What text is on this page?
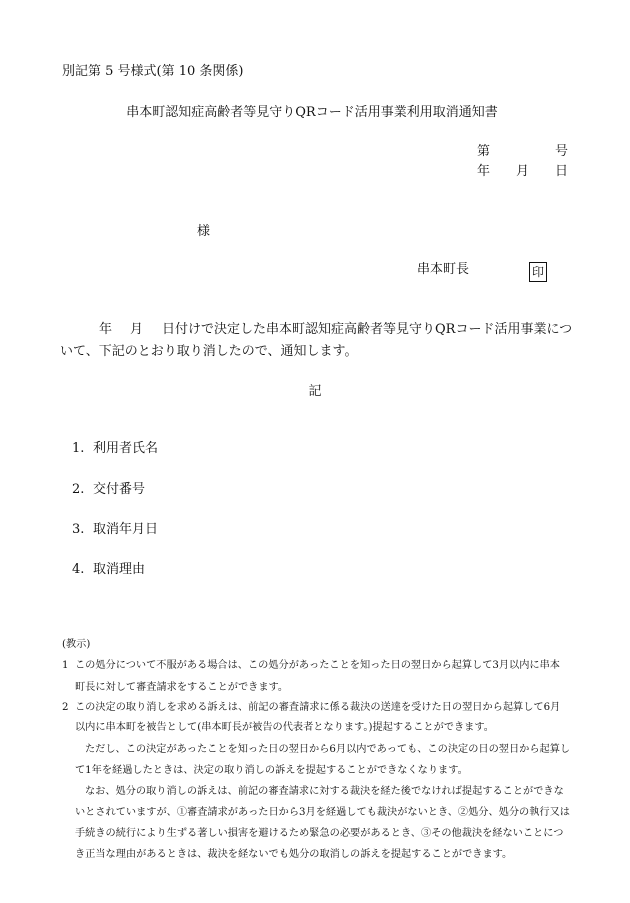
別記第 5 号様式(第 10 条関係)
串本町認知症高齢者等見守りQRコード活用事業利用取消通知書
第	号
年 月 日
様
串本町長	印
年 月 日付けで決定した串本町認知症高齢者等見守りQRコード活用事業につ
いて、下記のとおり取り消したので、通知します。
記
1. 利用者氏名
2. 交付番号
3. 取消年月日
4. 取消理由
(教示)
1 この処分について不服がある場合は、この処分があったことを知った日の翌日から起算して3月以内に串本
町長に対して審査請求をすることができます。
2 この決定の取り消しを求める訴えは、前記の審査請求に係る裁決の送達を受けた日の翌日から起算して6月
以内に串本町を被告として(串本町長が被告の代表者となります。)提起することができます。
ただし、この決定があったことを知った日の翌日から6月以内であっても、この決定の日の翌日から起算し
て1年を経過したときは、決定の取り消しの訴えを提起することができなくなります。
なお、処分の取り消しの訴えは、前記の審査請求に対する裁決を経た後でなければ提起することができな
いとされていますが、①審査請求があった日から3月を経過しても裁決がないとき、②処分、処分の執行又は
手続きの続行により生ずる著しい損害を避けるため緊急の必要があるとき、③その他裁決を経ないことにつ
き正当な理由があるときは、裁決を経ないでも処分の取消しの訴えを提起することができます。
